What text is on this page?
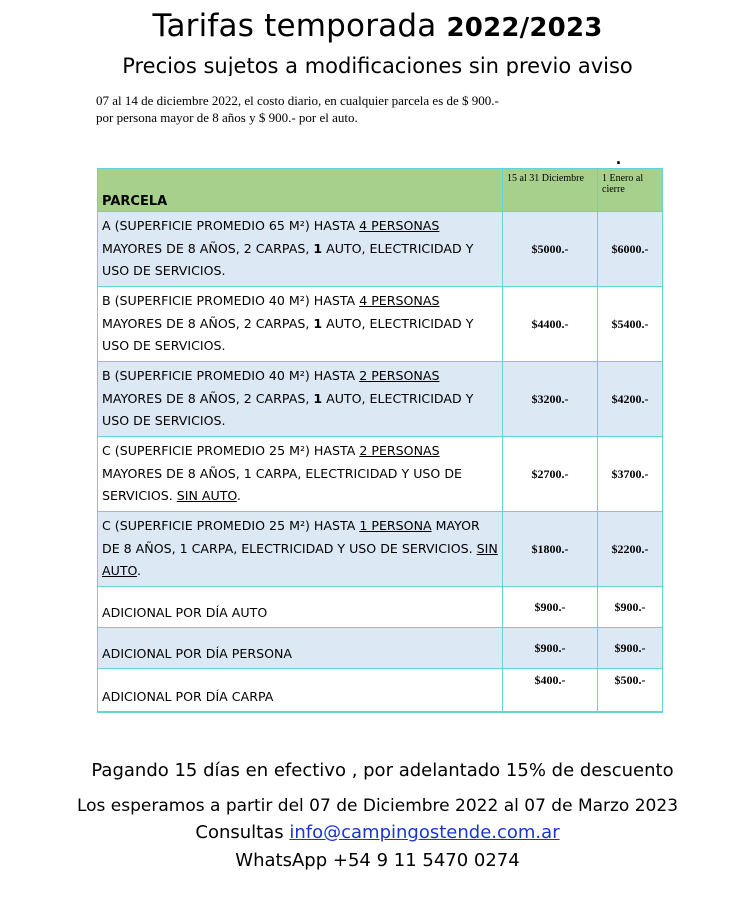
Tarifas temporada 2022/2023
Precios sujetos a modificaciones sin previo aviso
07 al 14 de diciembre 2022, el costo diario, en cualquier parcela es de $ 900.-
por persona mayor de 8 años y $ 900.- por el auto.
.
PARCELA	15 al 31 Diciembre	1 Enero al cierre
A (SUPERFICIE PROMEDIO 65 M²) HASTA 4 PERSONAS MAYORES DE 8 AÑOS, 2 CARPAS, 1 AUTO, ELECTRICIDAD Y USO DE SERVICIOS.	$5000.-	$6000.-
B (SUPERFICIE PROMEDIO 40 M²) HASTA 4 PERSONAS MAYORES DE 8 AÑOS, 2 CARPAS, 1 AUTO, ELECTRICIDAD Y USO DE SERVICIOS.	$4400.-	$5400.-
B (SUPERFICIE PROMEDIO 40 M²) HASTA 2 PERSONAS MAYORES DE 8 AÑOS, 2 CARPAS, 1 AUTO, ELECTRICIDAD Y USO DE SERVICIOS.	$3200.-	$4200.-
C (SUPERFICIE PROMEDIO 25 M²) HASTA 2 PERSONAS MAYORES DE 8 AÑOS, 1 CARPA, ELECTRICIDAD Y USO DE SERVICIOS. SIN AUTO.	$2700.-	$3700.-
C (SUPERFICIE PROMEDIO 25 M²) HASTA 1 PERSONA MAYOR DE 8 AÑOS, 1 CARPA, ELECTRICIDAD Y USO DE SERVICIOS. SIN AUTO.	$1800.-	$2200.-
ADICIONAL POR DÍA AUTO	$900.-	$900.-
ADICIONAL POR DÍA PERSONA	$900.-	$900.-
ADICIONAL POR DÍA CARPA	$400.-	$500.-
Pagando 15 días en efectivo , por adelantado 15% de descuento
Los esperamos a partir del 07 de Diciembre 2022 al 07 de Marzo 2023
Consultas info@campingostende.com.ar
WhatsApp +54 9 11 5470 0274
